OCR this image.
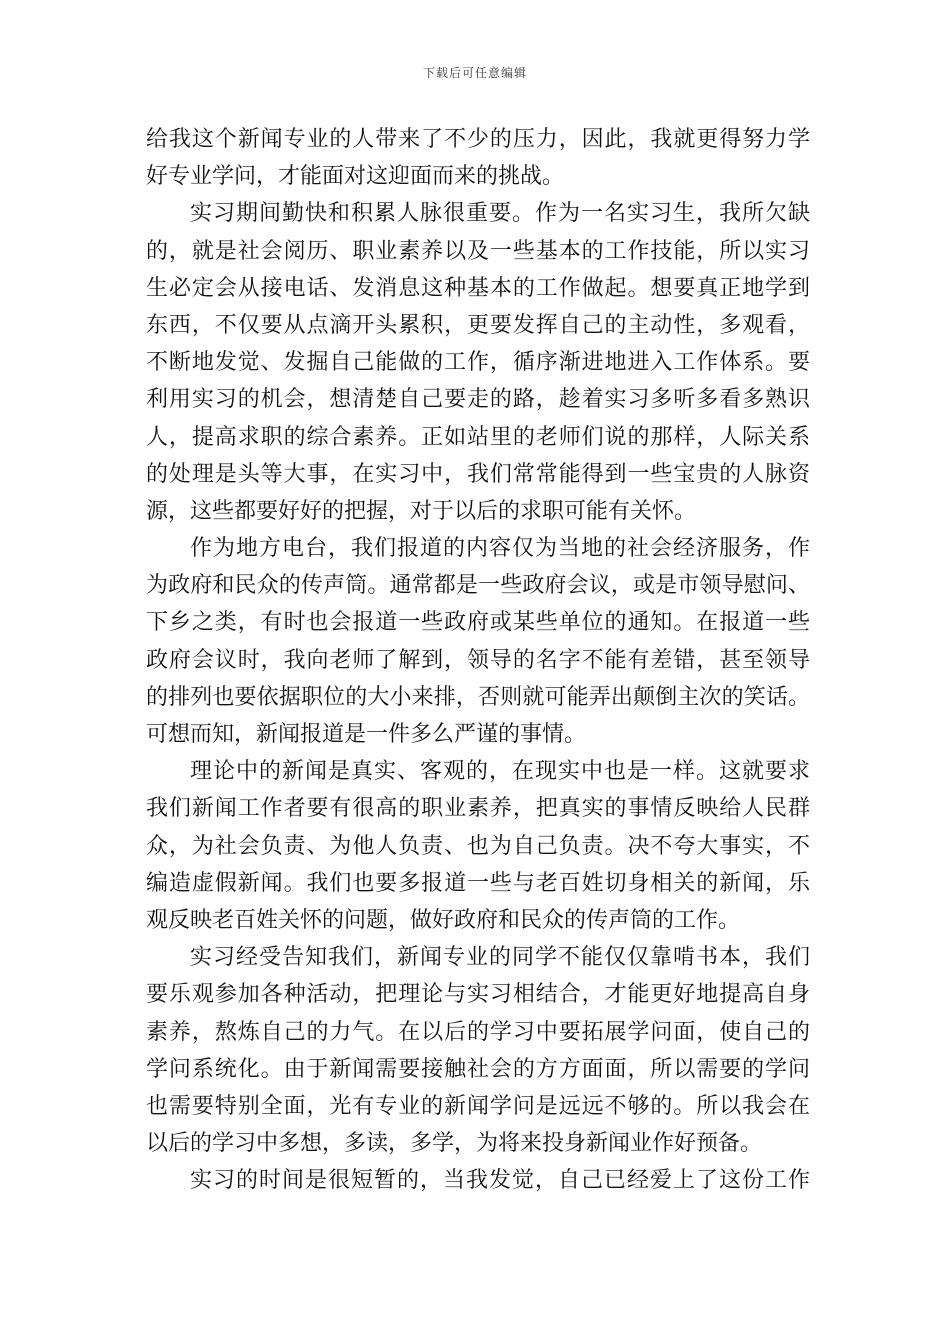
下载后可任意编辑
给我这个新闻专业的人带来了不少的压力，因此，我就更得努力学
好专业学问，才能面对这迎面而来的挑战。
实习期间勤快和积累人脉很重要。作为一名实习生，我所欠缺
的，就是社会阅历、职业素养以及一些基本的工作技能，所以实习
生必定会从接电话、发消息这种基本的工作做起。想要真正地学到
东西，不仅要从点滴开头累积，更要发挥自己的主动性，多观看，
不断地发觉、发掘自己能做的工作，循序渐进地进入工作体系。要
利用实习的机会，想清楚自己要走的路，趁着实习多听多看多熟识
人，提高求职的综合素养。正如站里的老师们说的那样，人际关系
的处理是头等大事，在实习中，我们常常能得到一些宝贵的人脉资
源，这些都要好好的把握，对于以后的求职可能有关怀。
作为地方电台，我们报道的内容仅为当地的社会经济服务，作
为政府和民众的传声筒。通常都是一些政府会议，或是市领导慰问、
下乡之类，有时也会报道一些政府或某些单位的通知。在报道一些
政府会议时，我向老师了解到，领导的名字不能有差错，甚至领导
的排列也要依据职位的大小来排，否则就可能弄出颠倒主次的笑话。
可想而知，新闻报道是一件多么严谨的事情。
理论中的新闻是真实、客观的，在现实中也是一样。这就要求
我们新闻工作者要有很高的职业素养，把真实的事情反映给人民群
众，为社会负责、为他人负责、也为自己负责。决不夸大事实，不
编造虚假新闻。我们也要多报道一些与老百姓切身相关的新闻，乐
观反映老百姓关怀的问题，做好政府和民众的传声筒的工作。
实习经受告知我们，新闻专业的同学不能仅仅靠啃书本，我们
要乐观参加各种活动，把理论与实习相结合，才能更好地提高自身
素养，熬炼自己的力气。在以后的学习中要拓展学问面，使自己的
学问系统化。由于新闻需要接触社会的方方面面，所以需要的学问
也需要特别全面，光有专业的新闻学问是远远不够的。所以我会在
以后的学习中多想，多读，多学，为将来投身新闻业作好预备。
实习的时间是很短暂的，当我发觉，自己已经爱上了这份工作
